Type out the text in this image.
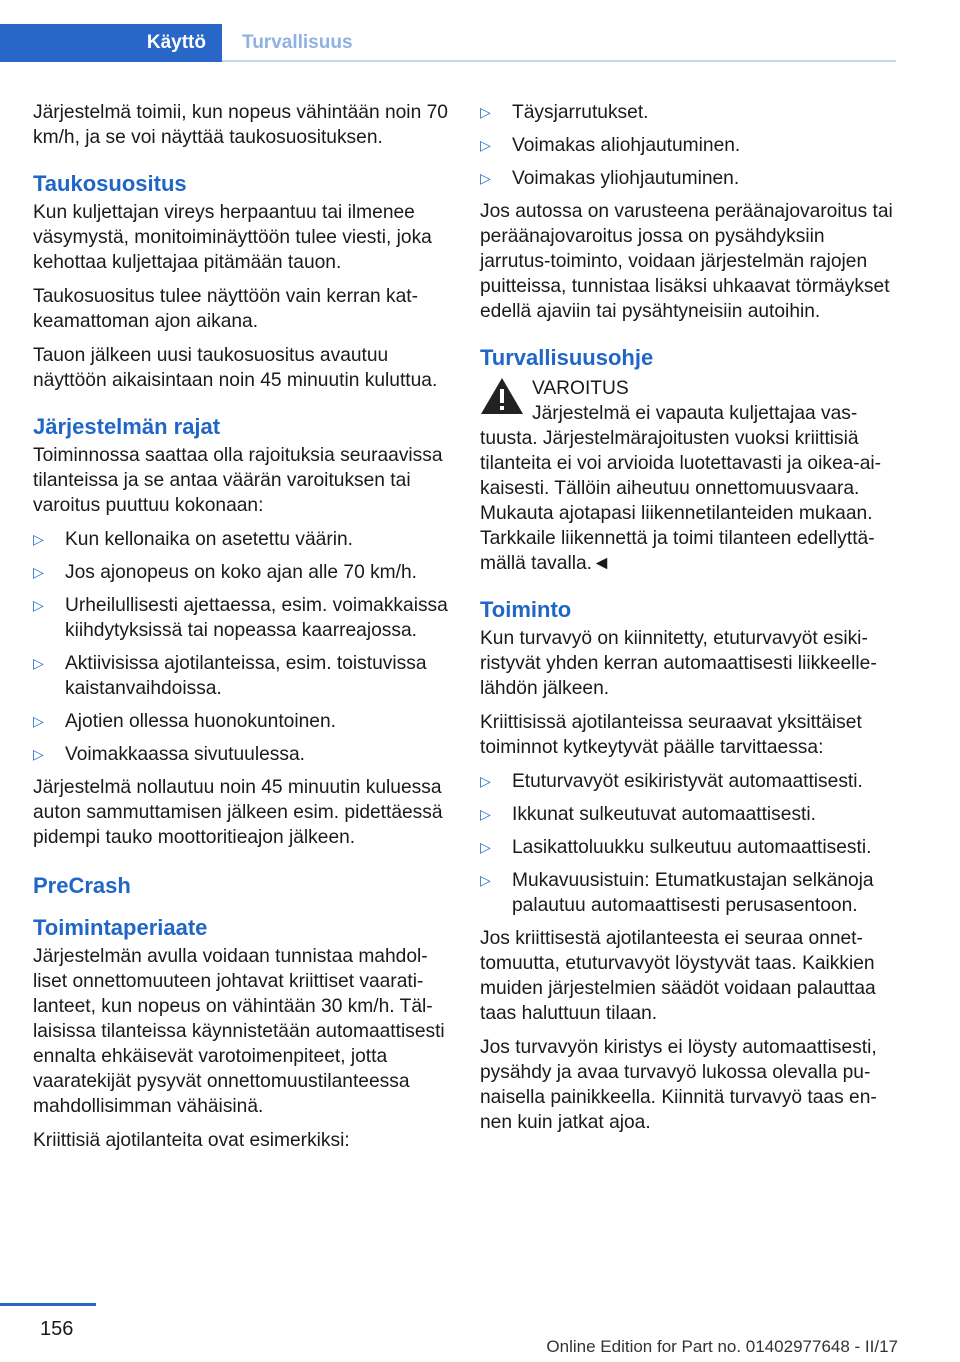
Käyttö	Turvallisuus

Järjestelmä toimii, kun nopeus vähintään noin 70 km/h, ja se voi näyttää taukosuosituksen.

Taukosuositus

Kun kuljettajan vireys herpaantuu tai ilmenee väsymystä, monitoiminäyttöön tulee viesti, joka kehottaa kuljettajaa pitämään tauon.

Taukosuositus tulee näyttöön vain kerran katkeamattoman ajon aikana.

Tauon jälkeen uusi taukosuositus avautuu näyttöön aikaisintaan noin 45 minuutin kuluttua.

Järjestelmän rajat

Toiminnossa saattaa olla rajoituksia seuraavissa tilanteissa ja se antaa väärän varoituksen tai varoitus puuttuu kokonaan:

▷ Kun kellonaika on asetettu väärin.
▷ Jos ajonopeus on koko ajan alle 70 km/h.
▷ Urheilullisesti ajettaessa, esim. voimakkaissa kiihdytyksissä tai nopeassa kaarreajossa.
▷ Aktiivisissa ajotilanteissa, esim. toistuvissa kaistanvaihdoissa.
▷ Ajotien ollessa huonokuntoinen.
▷ Voimakkaassa sivutuulessa.

Järjestelmä nollautuu noin 45 minuutin kuluessa auton sammuttamisen jälkeen esim. pidettäessä pidempi tauko moottoritieajon jälkeen.

PreCrash
Toimintaperiaate

Järjestelmän avulla voidaan tunnistaa mahdolliset onnettomuuteen johtavat kriittiset vaaratilanteet, kun nopeus on vähintään 30 km/h. Tällaisissa tilanteissa käynnistetään automaattisesti ennalta ehkäisevät varotoimenpiteet, jotta vaaratekijät pysyvät onnettomuustilanteessa mahdollisimman vähäisinä.

Kriittisiä ajotilanteita ovat esimerkiksi:

▷ Täysjarrutukset.
▷ Voimakas aliohjautuminen.
▷ Voimakas yliohjautuminen.

Jos autossa on varusteena peräänajovaroitus tai peräänajovaroitus jossa on pysähdyksiin jarrutus-toiminto, voidaan järjestelmän rajojen puitteissa, tunnistaa lisäksi uhkaavat törmäykset edellä ajaviin tai pysähtyneisiin autoihin.

Turvallisuusohje
VAROITUS

Järjestelmä ei vapauta kuljettajaa vastuusta. Järjestelmärajoitusten vuoksi kriittisiä tilanteita ei voi arvioida luotettavasti ja oikea-aikaisesti. Tällöin aiheutuu onnettomuusvaara. Mukauta ajotapasi liikennetilanteiden mukaan. Tarkkaile liikennettä ja toimi tilanteen edellyttämällä tavalla.◄

Toiminto

Kun turvavyö on kiinnitetty, etuturvavyöt esikiristyvät yhden kerran automaattisesti liikkeellelähdön jälkeen.

Kriittisissä ajotilanteissa seuraavat yksittäiset toiminnot kytkeytyvät päälle tarvittaessa:

▷ Etuturvavyöt esikiristyvät automaattisesti.
▷ Ikkunat sulkeutuvat automaattisesti.
▷ Lasikattoluukku sulkeutuu automaattisesti.
▷ Mukavuusistuin: Etumatkustajan selkänoja palautuu automaattisesti perusasentoon.

Jos kriittisestä ajotilanteesta ei seuraa onnettomuutta, etuturvavyöt löystyvät taas. Kaikkien muiden järjestelmien säädöt voidaan palauttaa taas haluttuun tilaan.

Jos turvavyön kiristys ei löysty automaattisesti, pysähdy ja avaa turvavyö lukossa olevalla punaisella painikkeella. Kiinnitä turvavyö taas ennen kuin jatkat ajoa.

156
Online Edition for Part no. 01402977648 - II/17
